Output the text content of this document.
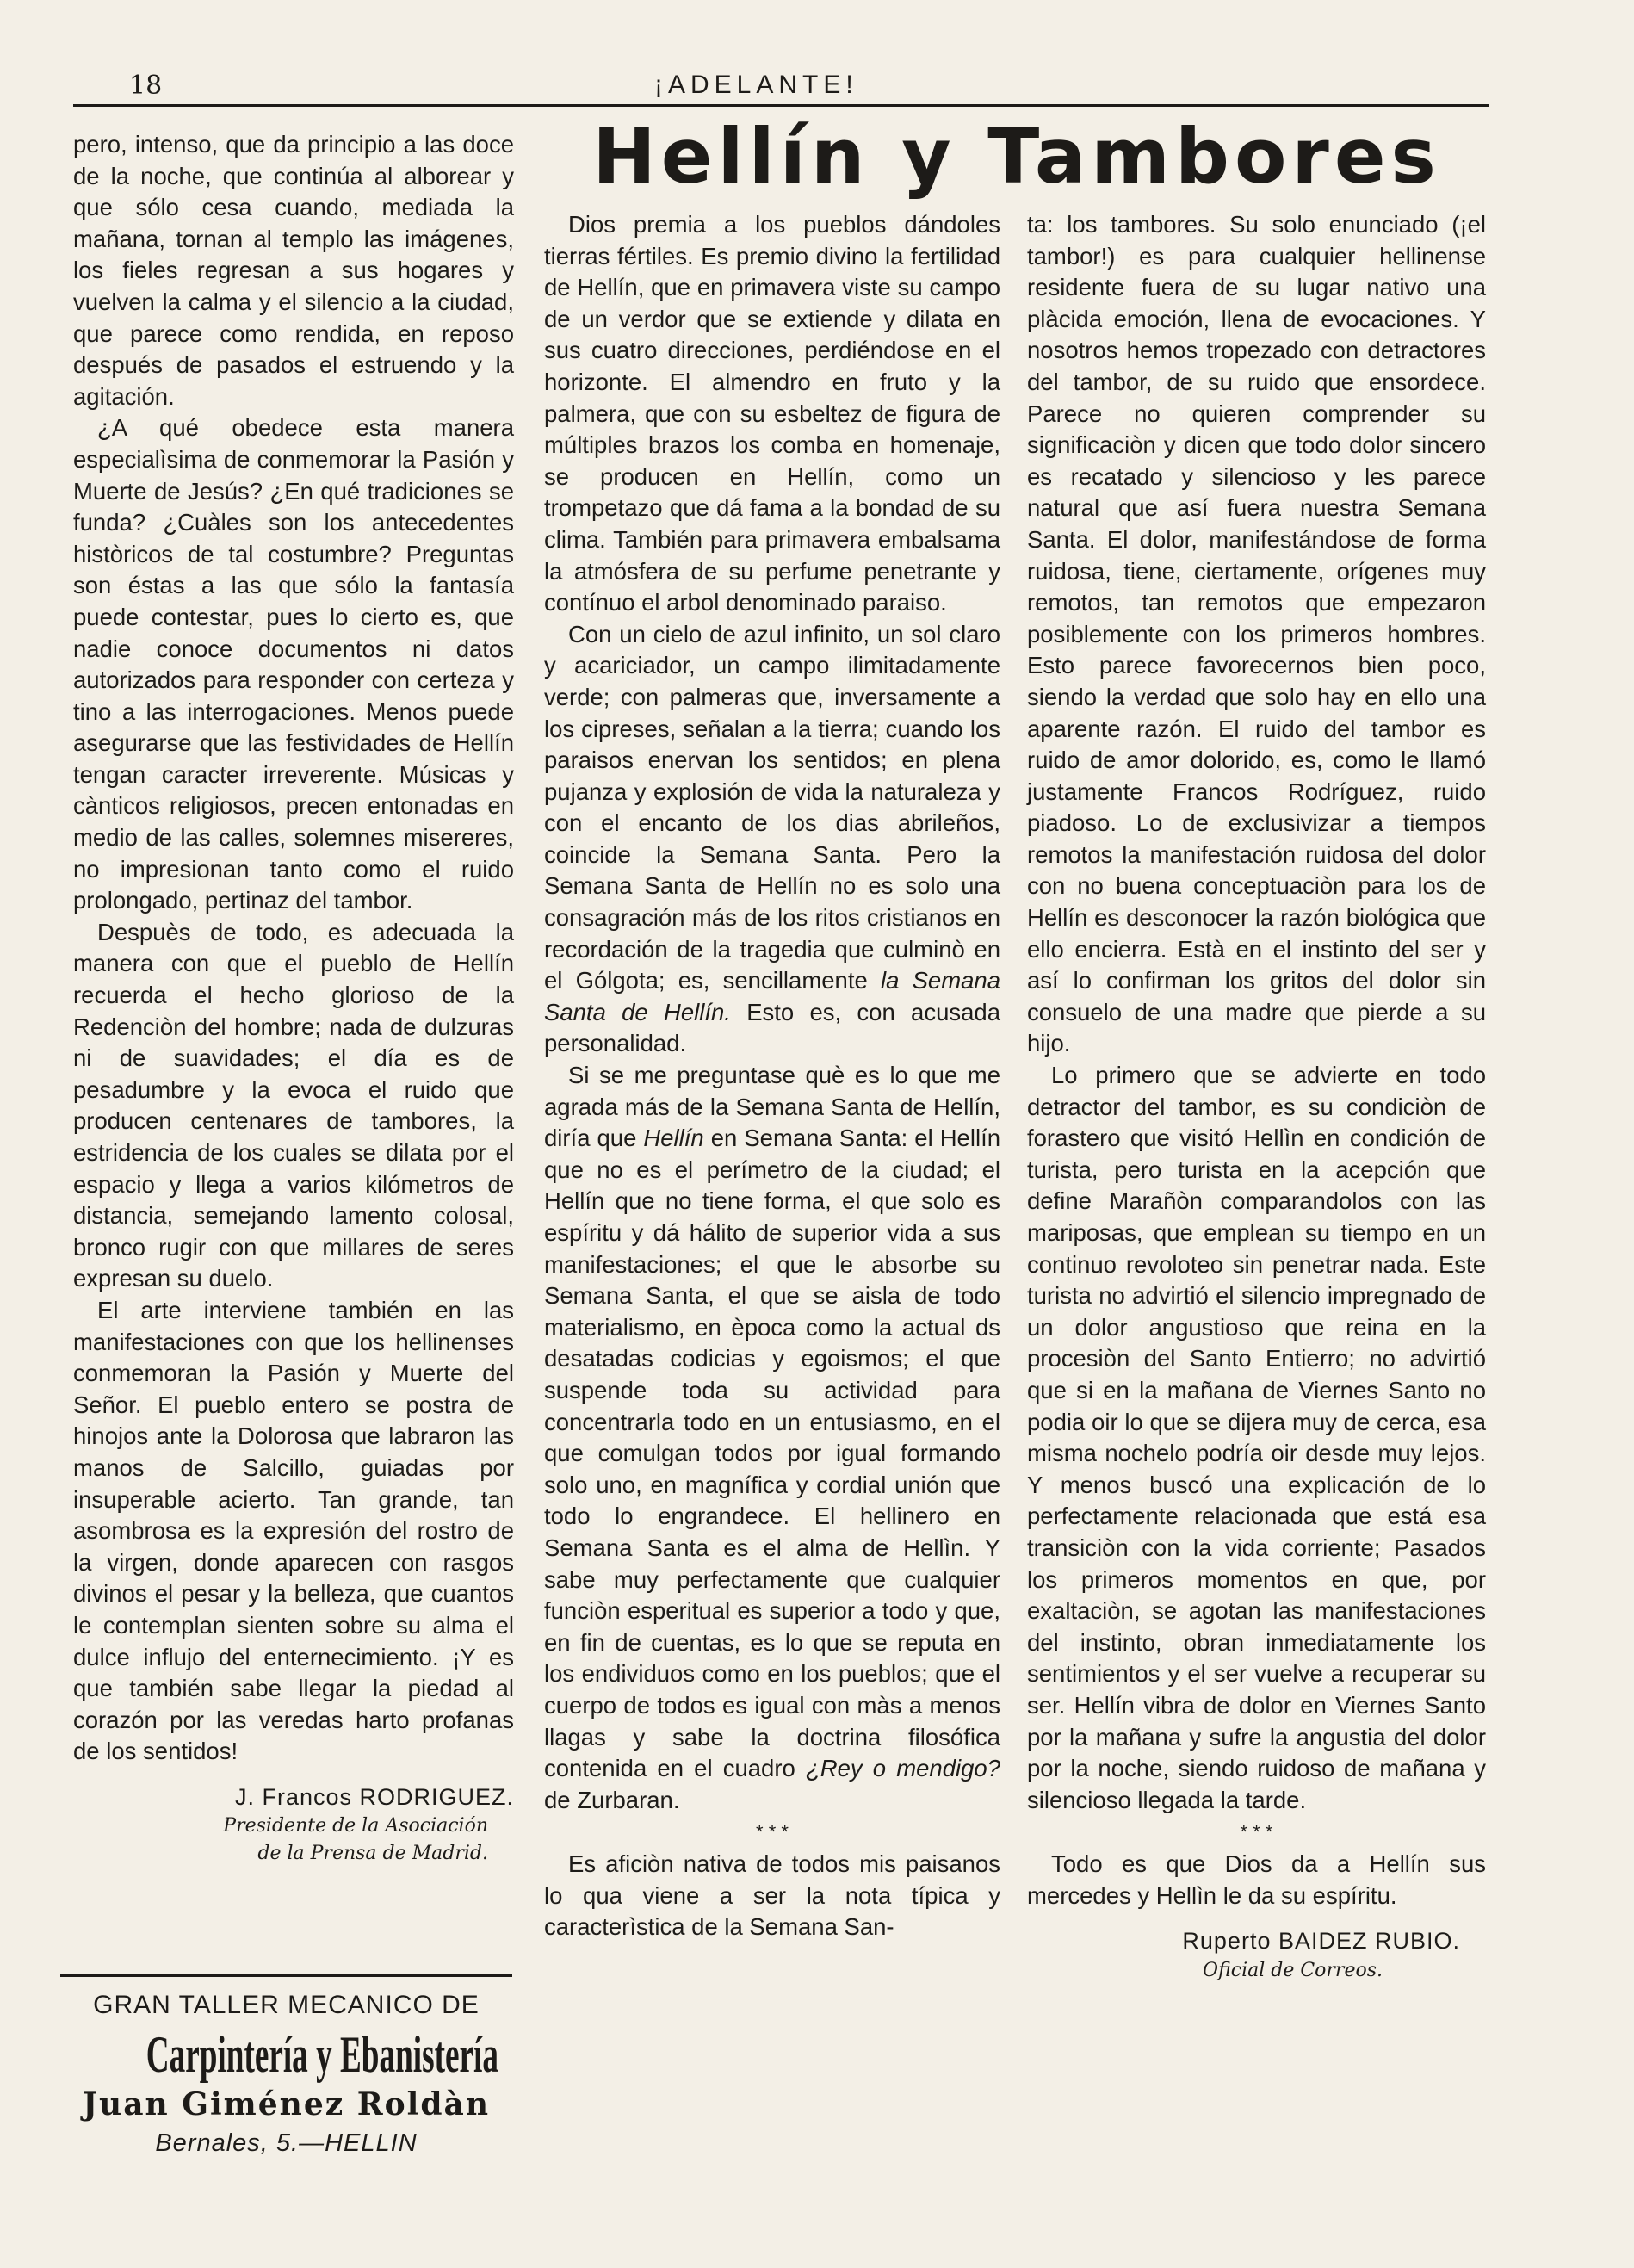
18	¡ADELANTE!
Hellín y Tambores

pero, intenso, que da principio a las doce de la noche, que continúa al alborear y que sólo cesa cuando, mediada la mañana, tornan al templo las imágenes, los fieles regresan a sus hogares y vuelven la calma y el silencio a la ciudad, que parece como rendida, en reposo después de pasados el estruendo y la agitación.

¿A qué obedece esta manera especialìsima de conmemorar la Pasión y Muerte de Jesús? ¿En qué tradiciones se funda? ¿Cuàles son los antecedentes històricos de tal costumbre? Preguntas son éstas a las que sólo la fantasía puede contestar, pues lo cierto es, que nadie conoce documentos ni datos autorizados para responder con certeza y tino a las interrogaciones. Menos puede asegurarse que las festividades de Hellín tengan caracter irreverente. Músicas y cànticos religiosos, precen entonadas en medio de las calles, solemnes misereres, no impresionan tanto como el ruido prolongado, pertinaz del tambor.

Despuès de todo, es adecuada la manera con que el pueblo de Hellín recuerda el hecho glorioso de la Redenciòn del hombre; nada de dulzuras ni de suavidades; el día es de pesadumbre y la evoca el ruido que producen centenares de tambores, la estridencia de los cuales se dilata por el espacio y llega a varios kilómetros de distancia, semejando lamento colosal, bronco rugir con que millares de seres expresan su duelo.

El arte interviene también en las manifestaciones con que los hellinenses conmemoran la Pasión y Muerte del Señor. El pueblo entero se postra de hinojos ante la Dolorosa que labraron las manos de Salcillo, guiadas por insuperable acierto. Tan grande, tan asombrosa es la expresión del rostro de la virgen, donde aparecen con rasgos divinos el pesar y la belleza, que cuantos le contemplan sienten sobre su alma el dulce influjo del enternecimiento. ¡Y es que también sabe llegar la piedad al corazón por las veredas harto profanas de los sentidos!

J. Francos RODRIGUEZ.
Presidente de la Asociación
de la Prensa de Madrid.
GRAN TALLER MECANICO DE
Carpintería y Ebanistería
Juan Giménez Roldàn
Bernales, 5.—HELLIN

Dios premia a los pueblos dándoles tierras fértiles. Es premio divino la fertilidad de Hellín, que en primavera viste su campo de un verdor que se extiende y dilata en sus cuatro direcciones, perdiéndose en el horizonte. El almendro en fruto y la palmera, que con su esbeltez de figura de múltiples brazos los comba en homenaje, se producen en Hellín, como un trompetazo que dá fama a la bondad de su clima. También para primavera embalsama la atmósfera de su perfume penetrante y contínuo el arbol denominado paraiso.

Con un cielo de azul infinito, un sol claro y acariciador, un campo ilimitadamente verde; con palmeras que, inversamente a los cipreses, señalan a la tierra; cuando los paraisos enervan los sentidos; en plena pujanza y explosión de vida la naturaleza y con el encanto de los dias abrileños, coincide la Semana Santa. Pero la Semana Santa de Hellín no es solo una consagración más de los ritos cristianos en recordación de la tragedia que culminò en el Gólgota; es, sencillamente la Semana Santa de Hellín. Esto es, con acusada personalidad.

Si se me preguntase què es lo que me agrada más de la Semana Santa de Hellín, diría que Hellín en Semana Santa: el Hellín que no es el perímetro de la ciudad; el Hellín que no tiene forma, el que solo es espíritu y dá hálito de superior vida a sus manifestaciones; el que le absorbe su Semana Santa, el que se aisla de todo materialismo, en època como la actual ds desatadas codicias y egoismos; el que suspende toda su actividad para concentrarla todo en un entusiasmo, en el que comulgan todos por igual formando solo uno, en magnífica y cordial unión que todo lo engrandece. El hellinero en Semana Santa es el alma de Hellìn. Y sabe muy perfectamente que cualquier funciòn esperitual es superior a todo y que, en fin de cuentas, es lo que se reputa en los endividuos como en los pueblos; que el cuerpo de todos es igual con màs a menos llagas y sabe la doctrina filosófica contenida en el cuadro ¿Rey o mendigo? de Zurbaran.

* * *

Es aficiòn nativa de todos mis paisanos lo qua viene a ser la nota típica y caracterìstica de la Semana San-

ta: los tambores. Su solo enunciado (¡el tambor!) es para cualquier hellinense residente fuera de su lugar nativo una plàcida emoción, llena de evocaciones. Y nosotros hemos tropezado con detractores del tambor, de su ruido que ensordece. Parece no quieren comprender su significaciòn y dicen que todo dolor sincero es recatado y silencioso y les parece natural que así fuera nuestra Semana Santa. El dolor, manifestándose de forma ruidosa, tiene, ciertamente, orígenes muy remotos, tan remotos que empezaron posiblemente con los primeros hombres. Esto parece favorecernos bien poco, siendo la verdad que solo hay en ello una aparente razón. El ruido del tambor es ruido de amor dolorido, es, como le llamó justamente Francos Rodríguez, ruido piadoso. Lo de exclusivizar a tiempos remotos la manifestación ruidosa del dolor con no buena conceptuaciòn para los de Hellín es desconocer la razón biológica que ello encierra. Està en el instinto del ser y así lo confirman los gritos del dolor sin consuelo de una madre que pierde a su hijo.

Lo primero que se advierte en todo detractor del tambor, es su condiciòn de forastero que visitó Hellìn en condición de turista, pero turista en la acepción que define Marañòn comparandolos con las mariposas, que emplean su tiempo en un continuo revoloteo sin penetrar nada. Este turista no advirtió el silencio impregnado de un dolor angustioso que reina en la procesiòn del Santo Entierro; no advirtió que si en la mañana de Viernes Santo no podia oir lo que se dijera muy de cerca, esa misma nochelo podría oir desde muy lejos. Y menos buscó una explicación de lo perfectamente relacionada que está esa transiciòn con la vida corriente; Pasados los primeros momentos en que, por exaltaciòn, se agotan las manifestaciones del instinto, obran inmediatamente los sentimientos y el ser vuelve a recuperar su ser. Hellín vibra de dolor en Viernes Santo por la mañana y sufre la angustia del dolor por la noche, siendo ruidoso de mañana y silencioso llegada la tarde.

* * *

Todo es que Dios da a Hellín sus mercedes y Hellìn le da su espíritu.

Ruperto BAIDEZ RUBIO.
Oficial de Correos.
